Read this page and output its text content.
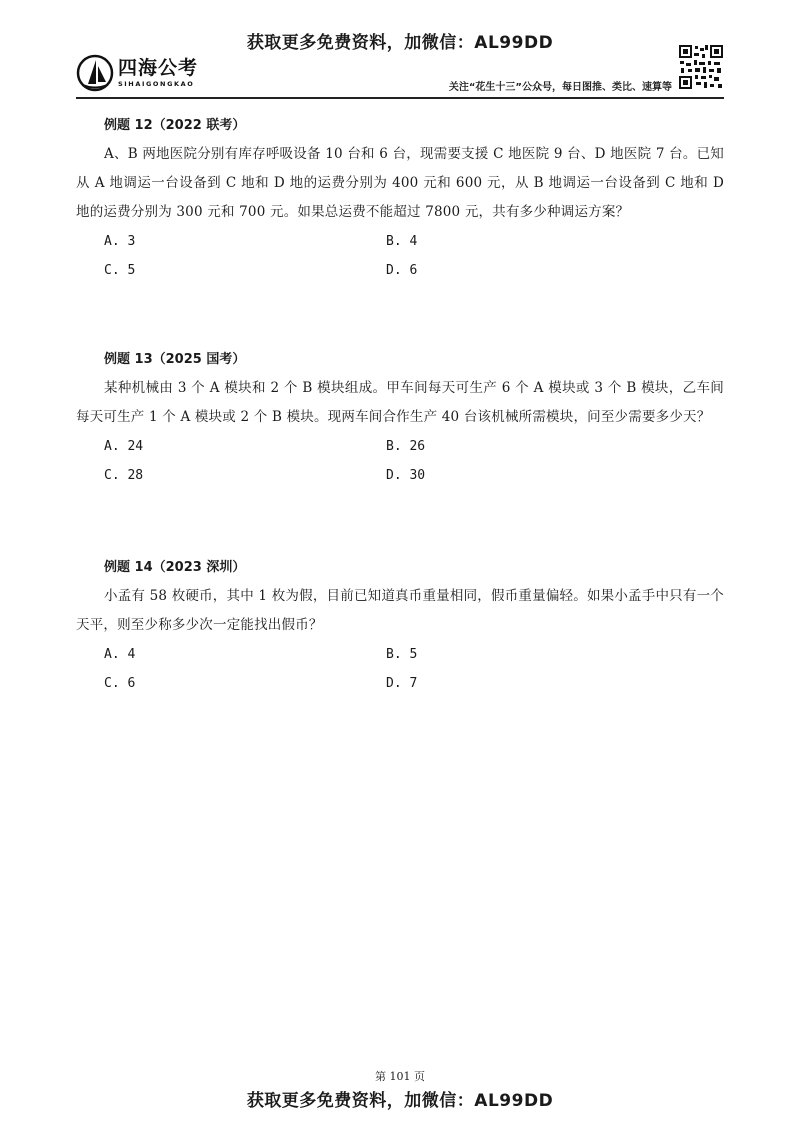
获取更多免费资料，加微信：AL99DD
四海公考
SIHAIGONGKAO	关注“花生十三”公众号，每日图推、类比、速算等
例题 12（2022 联考）

A、B 两地医院分别有库存呼吸设备 10 台和 6 台，现需要支援 C 地医院 9 台、D 地医院 7 台。已知从 A 地调运一台设备到 C 地和 D 地的运费分别为 400 元和 600 元，从 B 地调运一台设备到 C 地和 D 地的运费分别为 300 元和 700 元。如果总运费不能超过 7800 元，共有多少种调运方案？

A. 3	B. 4
C. 5	D. 6
例题 13（2025 国考）

某种机械由 3 个 A 模块和 2 个 B 模块组成。甲车间每天可生产 6 个 A 模块或 3 个 B 模块，乙车间每天可生产 1 个 A 模块或 2 个 B 模块。现两车间合作生产 40 台该机械所需模块，问至少需要多少天？

A. 24	B. 26
C. 28	D. 30
例题 14（2023 深圳）

小孟有 58 枚硬币，其中 1 枚为假，目前已知道真币重量相同，假币重量偏轻。如果小孟手中只有一个天平，则至少称多少次一定能找出假币？

A. 4	B. 5
C. 6	D. 7
第 101 页
获取更多免费资料，加微信：AL99DD
